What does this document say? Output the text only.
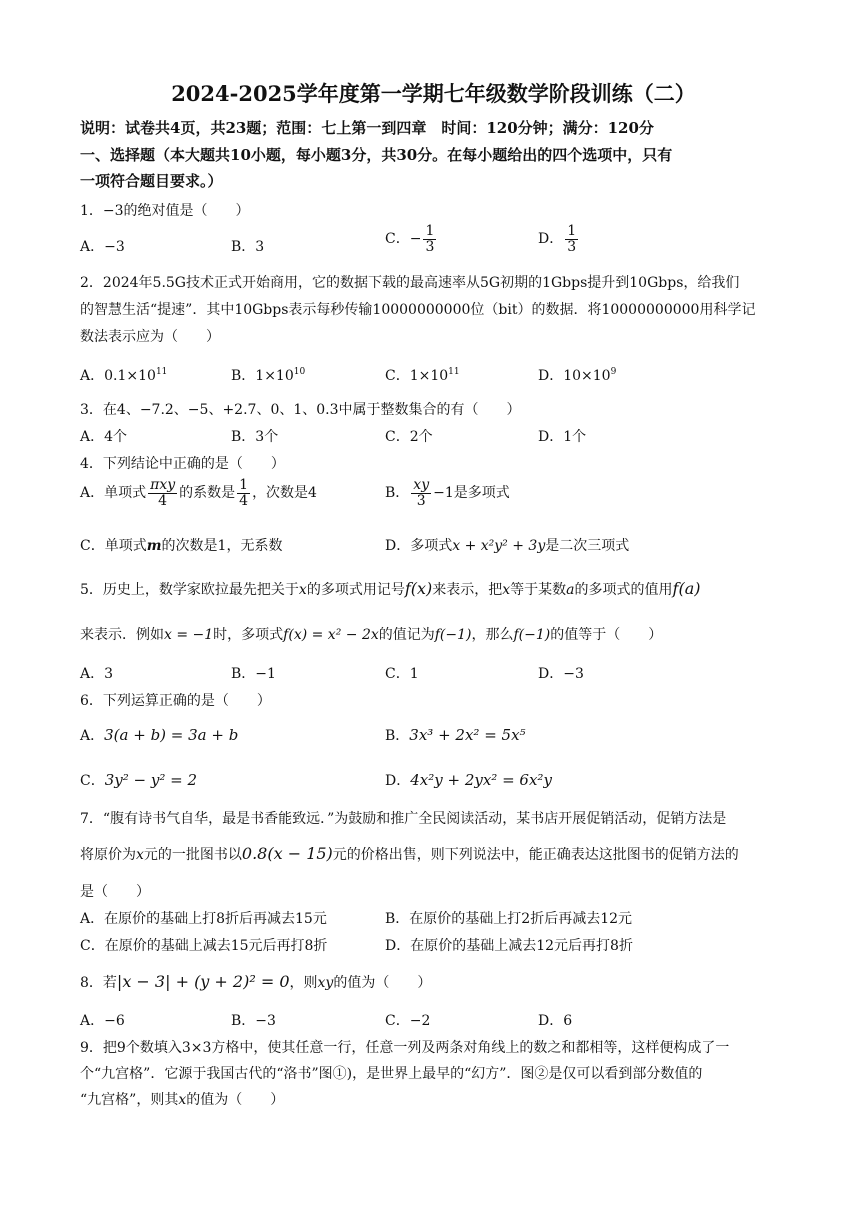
2024-2025学年度第一学期七年级数学阶段训练（二）
说明：试卷共4页，共23题；范围：七上第一到四章　时间：120分钟；满分：120分
一、选择题（本大题共10小题，每小题3分，共30分。在每小题给出的四个选项中，只有
一项符合题目要求。）
1．−3的绝对值是（　　）
A．−3	B．3	C．− $\frac{1}{3}$	D． $\frac{1}{3}$
2．2024年5.5G技术正式开始商用，它的数据下载的最高速率从5G初期的1Gbps提升到10Gbps，给我们
的智慧生活“提速”．其中10Gbps表示每秒传输10000000000位（bit）的数据．将10000000000用科学记
数法表示应为（　　）
A．$0.1\times 10^{11}$	B．$1\times 10^{10}$	C．$1\times 10^{11}$	D．$10\times 10^9$
3．在4、−7.2、−5、+2.7、0、1、0.3中属于整数集合的有（　　）
A．4个	B．3个	C．2个	D．1个
4．下列结论中正确的是（　　）
A．单项式 $\frac{\text{πxy}}{4}$ 的系数是 $\frac{1}{4}$ ，次数是4	B． $\frac{xy}{3} -1$是多项式
C．单项式m的次数是1，无系数	D．多项式x + x²y² + 3y是二次三项式
5．历史上，数学家欧拉最先把关于x的多项式用记号f(x)来表示，把x等于某数a的多项式的值用f(a)
来表示．例如x = −1时，多项式f(x) = x² − 2x的值记为f(−1)，那么f(−1)的值等于（　　）
A．3	B．−1	C．1	D．−3
6．下列运算正确的是（　　）
A．3(a + b) = 3a + b	B．3x³ + 2x² = 5x⁵
C．3y² − y² = 2	D．4x²y + 2yx² = 6x²y
7．“腹有诗书气自华，最是书香能致远．”为鼓励和推广全民阅读活动，某书店开展促销活动，促销方法是
将原价为x元的一批图书以0.8(x − 15)元的价格出售，则下列说法中，能正确表达这批图书的促销方法的
是（　　）
A．在原价的基础上打8折后再减去15元	B．在原价的基础上打2折后再减去12元
C．在原价的基础上减去15元后再打8折	D．在原价的基础上减去12元后再打8折
8．若|x − 3| + (y + 2)² = 0，则xy的值为（　　）
A．−6	B．−3	C．−2	D．6
9．把9个数填入3×3方格中，使其任意一行，任意一列及两条对角线上的数之和都相等，这样便构成了一
个“九宫格”．它源于我国古代的“洛书”图①)，是世界上最早的“幻方”．图②是仅可以看到部分数值的
“九宫格”，则其x的值为（　　）
